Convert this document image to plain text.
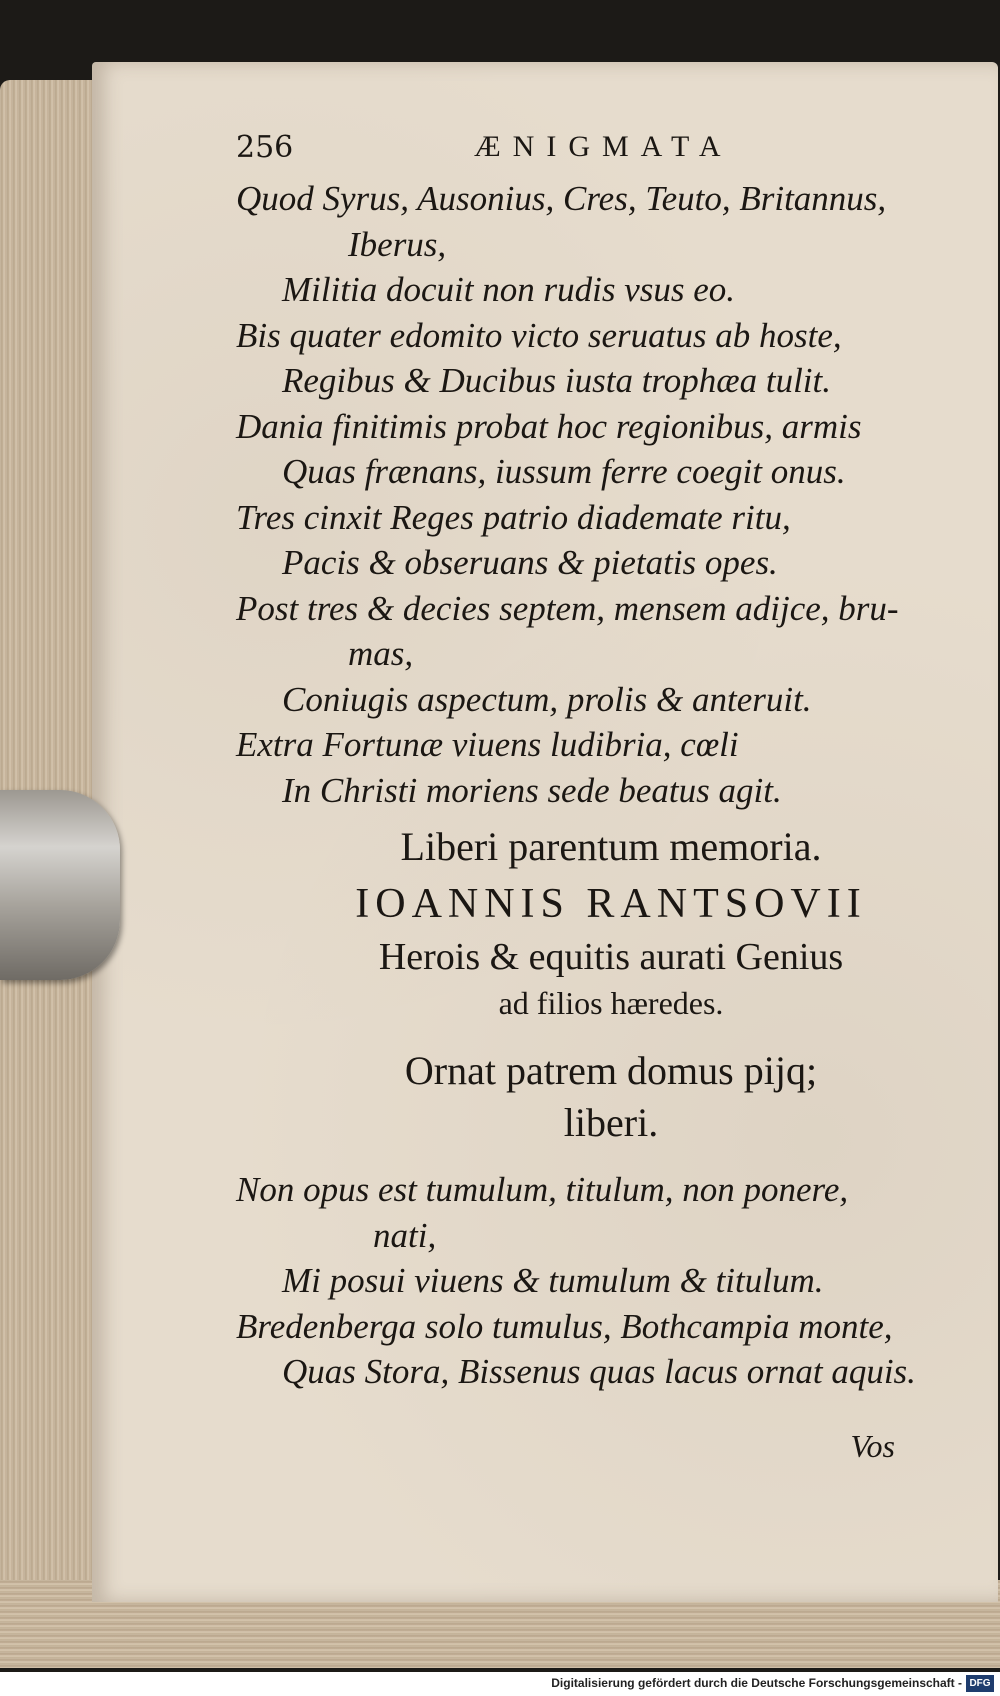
256	ÆNIGMATA
Quod Syrus, Ausonius, Cres, Teuto, Britannus,
Iberus,
Militia docuit non rudis vsus eo.
Bis quater edomito victo seruatus ab hoste,
Regibus & Ducibus iusta trophæa tulit.
Dania finitimis probat hoc regionibus, armis
Quas frænans, iussum ferre coegit onus.
Tres cinxit Reges patrio diademate ritu,
Pacis & obseruans & pietatis opes.
Post tres & decies septem, mensem adijce, bru-
mas,
Coniugis aspectum, prolis & anteruit.
Extra Fortunæ viuens ludibria, cœli
In Christi moriens sede beatus agit.
Liberi parentum memoria.
IOANNIS RANTSOVII
Herois & equitis aurati Genius
ad filios hæredes.
Ornat patrem domus pijq;
liberi.
Non opus est tumulum, titulum, non ponere,
nati,
Mi posui viuens & tumulum & titulum.
Bredenberga solo tumulus, Bothcampia monte,
Quas Stora, Bissenus quas lacus ornat aquis.
Vos
Digitalisierung gefördert durch die Deutsche Forschungsgemeinschaft - DFG
